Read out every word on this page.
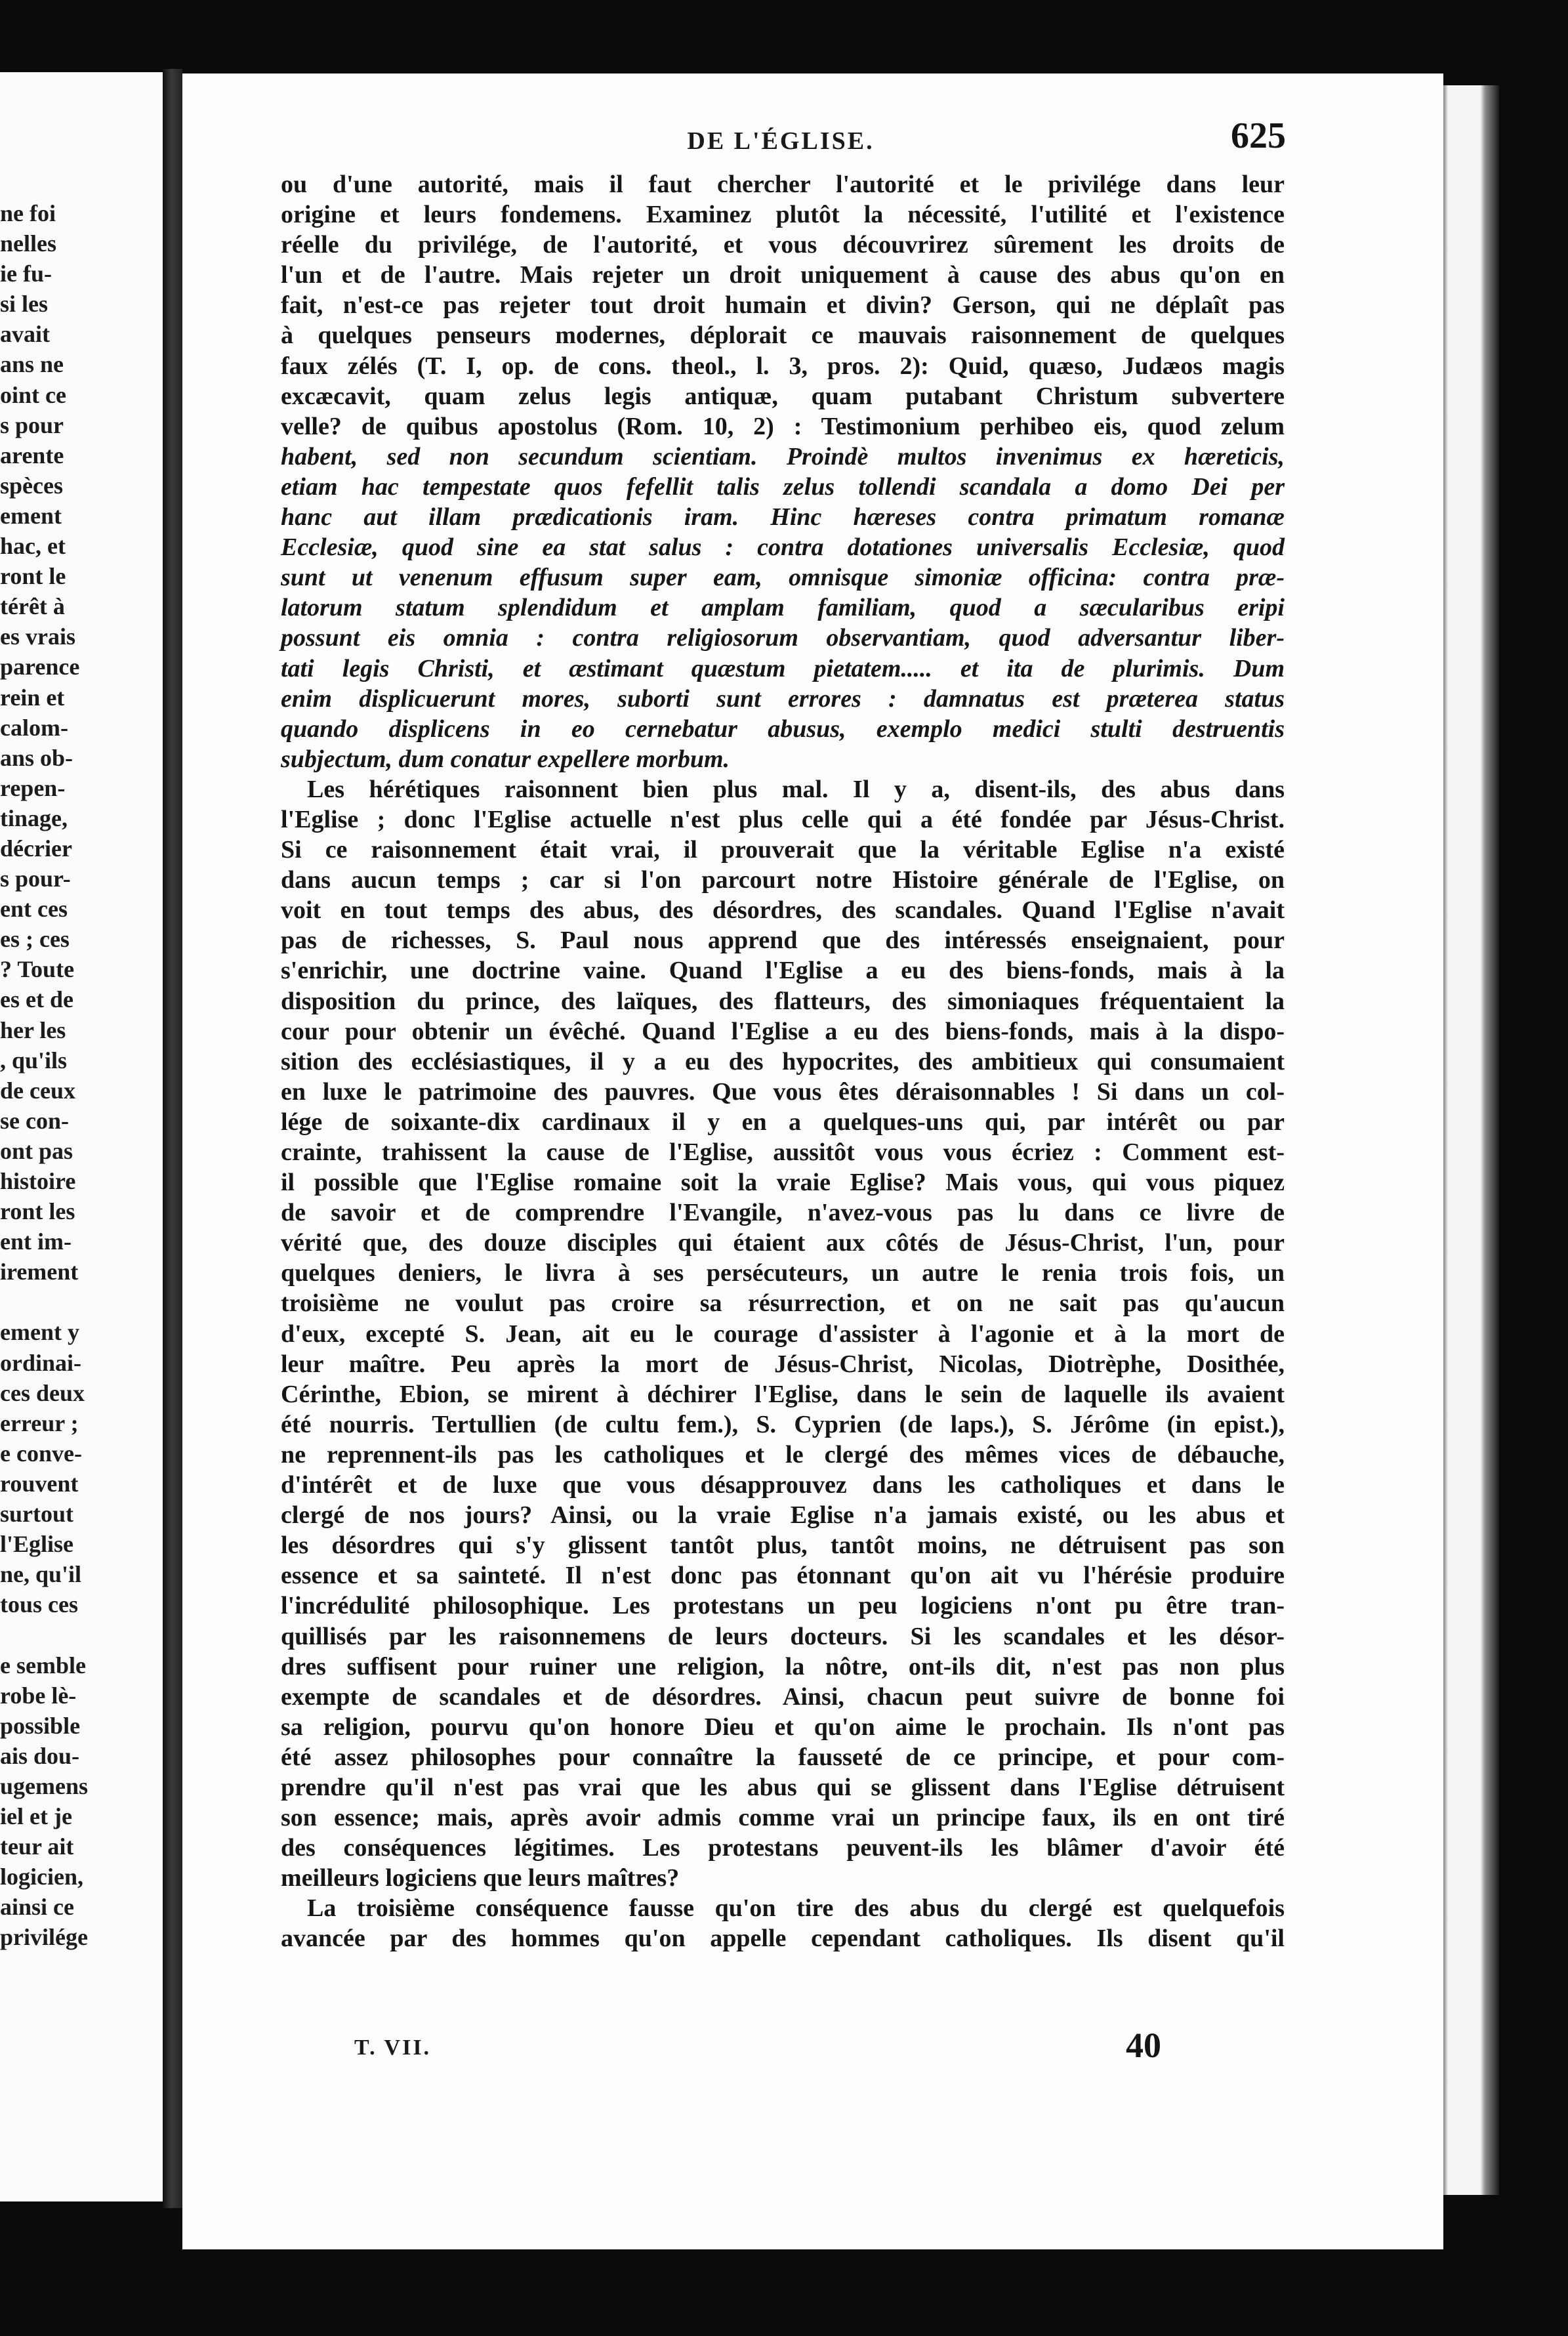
ne foi
nelles
ie fu-
si les
avait
ans ne
oint ce
s pour
arente
spèces
ement
hac, et
ront le
térêt à
es vrais
parence
rein et
calom-
ans ob-
repen-
tinage,
décrier
s pour-
ent ces
es ; ces
? Toute
es et de
her les
, qu'ils
de ceux
se con-
ont pas
histoire
ront les
ent im-
irement
ement y
ordinai-
ces deux
erreur ;
e conve-
rouvent
surtout
l'Eglise
ne, qu'il
tous ces
e semble
robe lè-
possible
ais dou-
ugemens
iel et je
teur ait
logicien,
ainsi ce
privilége
DE L'ÉGLISE.	625

ou d'une autorité, mais il faut chercher l'autorité et le privilége dans leur

origine et leurs fondemens. Examinez plutôt la nécessité, l'utilité et l'existence

réelle du privilége, de l'autorité, et vous découvrirez sûrement les droits de

l'un et de l'autre. Mais rejeter un droit uniquement à cause des abus qu'on en

fait, n'est-ce pas rejeter tout droit humain et divin? Gerson, qui ne déplaît pas

à quelques penseurs modernes, déplorait ce mauvais raisonnement de quelques

faux zélés (T. I, op. de cons. theol., l. 3, pros. 2): Quid, quæso, Judæos magis

excæcavit, quam zelus legis antiquæ, quam putabant Christum subvertere

velle? de quibus apostolus (Rom. 10, 2) : Testimonium perhibeo eis, quod zelum

habent, sed non secundum scientiam. Proindè multos invenimus ex hæreticis,

etiam hac tempestate quos fefellit talis zelus tollendi scandala a domo Dei per

hanc aut illam prædicationis iram. Hinc hæreses contra primatum romanæ

Ecclesiæ, quod sine ea stat salus : contra dotationes universalis Ecclesiæ, quod

sunt ut venenum effusum super eam, omnisque simoniæ officina: contra præ-

latorum statum splendidum et amplam familiam, quod a sæcularibus eripi

possunt eis omnia : contra religiosorum observantiam, quod adversantur liber-

tati legis Christi, et æstimant quæstum pietatem..... et ita de plurimis. Dum

enim displicuerunt mores, suborti sunt errores : damnatus est præterea status

quando displicens in eo cernebatur abusus, exemplo medici stulti destruentis

subjectum, dum conatur expellere morbum.

Les hérétiques raisonnent bien plus mal. Il y a, disent-ils, des abus dans

l'Eglise ; donc l'Eglise actuelle n'est plus celle qui a été fondée par Jésus-Christ.

Si ce raisonnement était vrai, il prouverait que la véritable Eglise n'a existé

dans aucun temps ; car si l'on parcourt notre Histoire générale de l'Eglise, on

voit en tout temps des abus, des désordres, des scandales. Quand l'Eglise n'avait

pas de richesses, S. Paul nous apprend que des intéressés enseignaient, pour

s'enrichir, une doctrine vaine. Quand l'Eglise a eu des biens-fonds, mais à la

disposition du prince, des laïques, des flatteurs, des simoniaques fréquentaient la

cour pour obtenir un évêché. Quand l'Eglise a eu des biens-fonds, mais à la dispo-

sition des ecclésiastiques, il y a eu des hypocrites, des ambitieux qui consumaient

en luxe le patrimoine des pauvres. Que vous êtes déraisonnables ! Si dans un col-

lége de soixante-dix cardinaux il y en a quelques-uns qui, par intérêt ou par

crainte, trahissent la cause de l'Eglise, aussitôt vous vous écriez : Comment est-

il possible que l'Eglise romaine soit la vraie Eglise? Mais vous, qui vous piquez

de savoir et de comprendre l'Evangile, n'avez-vous pas lu dans ce livre de

vérité que, des douze disciples qui étaient aux côtés de Jésus-Christ, l'un, pour

quelques deniers, le livra à ses persécuteurs, un autre le renia trois fois, un

troisième ne voulut pas croire sa résurrection, et on ne sait pas qu'aucun

d'eux, excepté S. Jean, ait eu le courage d'assister à l'agonie et à la mort de

leur maître. Peu après la mort de Jésus-Christ, Nicolas, Diotrèphe, Dosithée,

Cérinthe, Ebion, se mirent à déchirer l'Eglise, dans le sein de laquelle ils avaient

été nourris. Tertullien (de cultu fem.), S. Cyprien (de laps.), S. Jérôme (in epist.),

ne reprennent-ils pas les catholiques et le clergé des mêmes vices de débauche,

d'intérêt et de luxe que vous désapprouvez dans les catholiques et dans le

clergé de nos jours? Ainsi, ou la vraie Eglise n'a jamais existé, ou les abus et

les désordres qui s'y glissent tantôt plus, tantôt moins, ne détruisent pas son

essence et sa sainteté. Il n'est donc pas étonnant qu'on ait vu l'hérésie produire

l'incrédulité philosophique. Les protestans un peu logiciens n'ont pu être tran-

quillisés par les raisonnemens de leurs docteurs. Si les scandales et les désor-

dres suffisent pour ruiner une religion, la nôtre, ont-ils dit, n'est pas non plus

exempte de scandales et de désordres. Ainsi, chacun peut suivre de bonne foi

sa religion, pourvu qu'on honore Dieu et qu'on aime le prochain. Ils n'ont pas

été assez philosophes pour connaître la fausseté de ce principe, et pour com-

prendre qu'il n'est pas vrai que les abus qui se glissent dans l'Eglise détruisent

son essence; mais, après avoir admis comme vrai un principe faux, ils en ont tiré

des conséquences légitimes. Les protestans peuvent-ils les blâmer d'avoir été

meilleurs logiciens que leurs maîtres?

La troisième conséquence fausse qu'on tire des abus du clergé est quelquefois

avancée par des hommes qu'on appelle cependant catholiques. Ils disent qu'il

T. VII.	40
